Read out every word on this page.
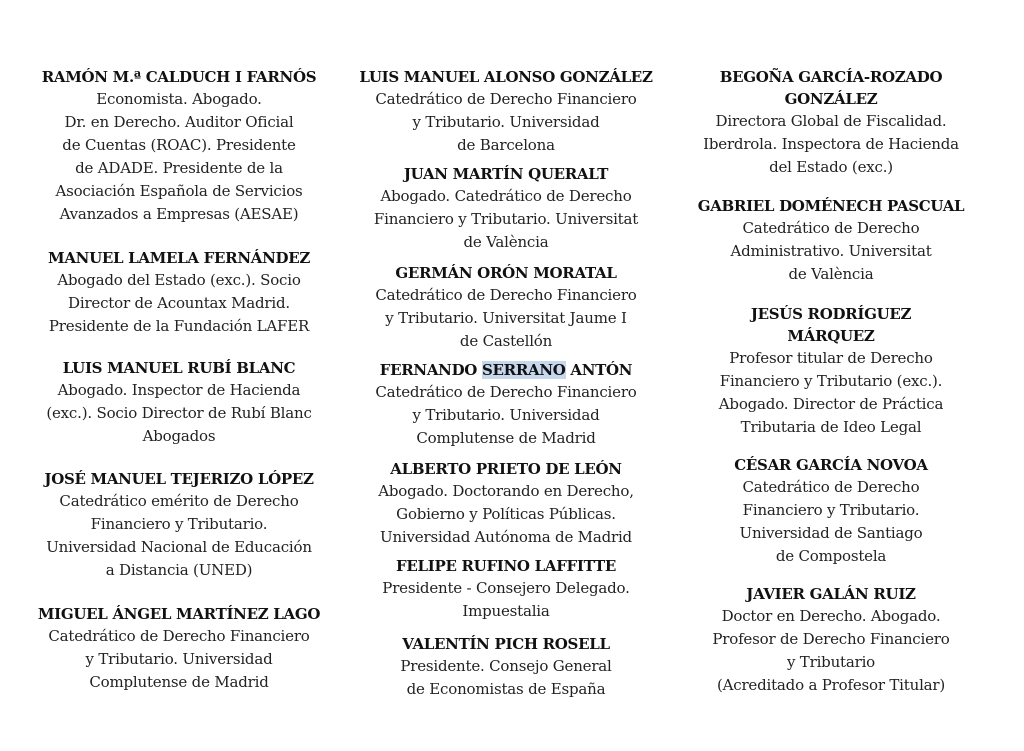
RAMÓN M.ª CALDUCH I FARNÓS
Economista. Abogado.
Dr. en Derecho. Auditor Oficial
de Cuentas (ROAC). Presidente
de ADADE. Presidente de la
Asociación Española de Servicios
Avanzados a Empresas (AESAE)
MANUEL LAMELA FERNÁNDEZ
Abogado del Estado (exc.). Socio
Director de Acountax Madrid.
Presidente de la Fundación LAFER
LUIS MANUEL RUBÍ BLANC
Abogado. Inspector de Hacienda
(exc.). Socio Director de Rubí Blanc
Abogados
JOSÉ MANUEL TEJERIZO LÓPEZ
Catedrático emérito de Derecho
Financiero y Tributario.
Universidad Nacional de Educación
a Distancia (UNED)
MIGUEL ÁNGEL MARTÍNEZ LAGO
Catedrático de Derecho Financiero
y Tributario. Universidad
Complutense de Madrid
LUIS MANUEL ALONSO GONZÁLEZ
Catedrático de Derecho Financiero
y Tributario. Universidad
de Barcelona
JUAN MARTÍN QUERALT
Abogado. Catedrático de Derecho
Financiero y Tributario. Universitat
de València
GERMÁN ORÓN MORATAL
Catedrático de Derecho Financiero
y Tributario. Universitat Jaume I
de Castellón
FERNANDO SERRANO ANTÓN
Catedrático de Derecho Financiero
y Tributario. Universidad
Complutense de Madrid
ALBERTO PRIETO DE LEÓN
Abogado. Doctorando en Derecho,
Gobierno y Políticas Públicas.
Universidad Autónoma de Madrid
FELIPE RUFINO LAFFITTE
Presidente - Consejero Delegado.
Impuestalia
VALENTÍN PICH ROSELL
Presidente. Consejo General
de Economistas de España
BEGOÑA GARCÍA-ROZADO
GONZÁLEZ
Directora Global de Fiscalidad.
Iberdrola. Inspectora de Hacienda
del Estado (exc.)
GABRIEL DOMÉNECH PASCUAL
Catedrático de Derecho
Administrativo. Universitat
de València
JESÚS RODRÍGUEZ
MÁRQUEZ
Profesor titular de Derecho
Financiero y Tributario (exc.).
Abogado. Director de Práctica
Tributaria de Ideo Legal
CÉSAR GARCÍA NOVOA
Catedrático de Derecho
Financiero y Tributario.
Universidad de Santiago
de Compostela
JAVIER GALÁN RUIZ
Doctor en Derecho. Abogado.
Profesor de Derecho Financiero
y Tributario
(Acreditado a Profesor Titular)
